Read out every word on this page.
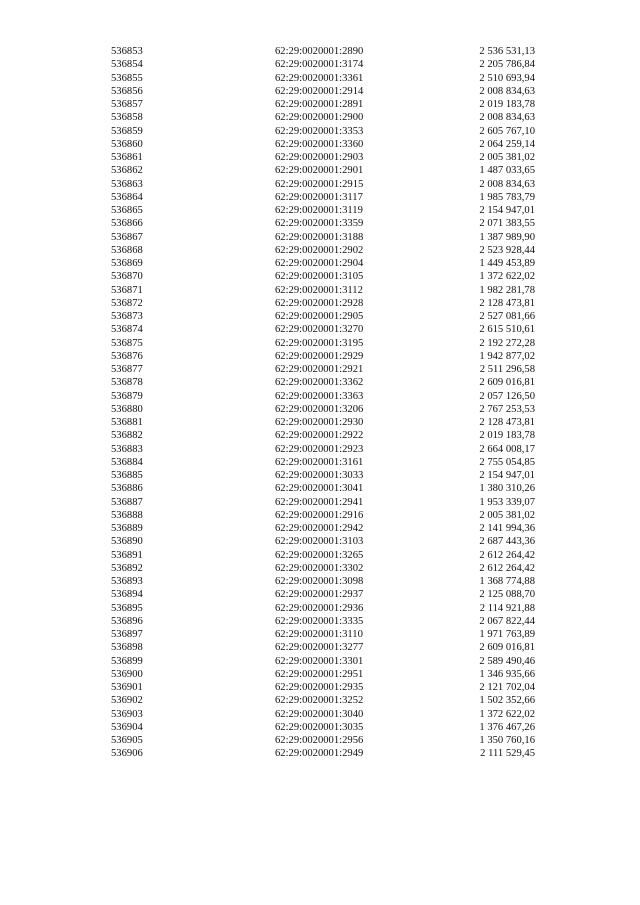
536853	62:29:0020001:2890	2 536 531,13
536854	62:29:0020001:3174	2 205 786,84
536855	62:29:0020001:3361	2 510 693,94
536856	62:29:0020001:2914	2 008 834,63
536857	62:29:0020001:2891	2 019 183,78
536858	62:29:0020001:2900	2 008 834,63
536859	62:29:0020001:3353	2 605 767,10
536860	62:29:0020001:3360	2 064 259,14
536861	62:29:0020001:2903	2 005 381,02
536862	62:29:0020001:2901	1 487 033,65
536863	62:29:0020001:2915	2 008 834,63
536864	62:29:0020001:3117	1 985 783,79
536865	62:29:0020001:3119	2 154 947,01
536866	62:29:0020001:3359	2 071 383,55
536867	62:29:0020001:3188	1 387 989,90
536868	62:29:0020001:2902	2 523 928,44
536869	62:29:0020001:2904	1 449 453,89
536870	62:29:0020001:3105	1 372 622,02
536871	62:29:0020001:3112	1 982 281,78
536872	62:29:0020001:2928	2 128 473,81
536873	62:29:0020001:2905	2 527 081,66
536874	62:29:0020001:3270	2 615 510,61
536875	62:29:0020001:3195	2 192 272,28
536876	62:29:0020001:2929	1 942 877,02
536877	62:29:0020001:2921	2 511 296,58
536878	62:29:0020001:3362	2 609 016,81
536879	62:29:0020001:3363	2 057 126,50
536880	62:29:0020001:3206	2 767 253,53
536881	62:29:0020001:2930	2 128 473,81
536882	62:29:0020001:2922	2 019 183,78
536883	62:29:0020001:2923	2 664 008,17
536884	62:29:0020001:3161	2 755 054,85
536885	62:29:0020001:3033	2 154 947,01
536886	62:29:0020001:3041	1 380 310,26
536887	62:29:0020001:2941	1 953 339,07
536888	62:29:0020001:2916	2 005 381,02
536889	62:29:0020001:2942	2 141 994,36
536890	62:29:0020001:3103	2 687 443,36
536891	62:29:0020001:3265	2 612 264,42
536892	62:29:0020001:3302	2 612 264,42
536893	62:29:0020001:3098	1 368 774,88
536894	62:29:0020001:2937	2 125 088,70
536895	62:29:0020001:2936	2 114 921,88
536896	62:29:0020001:3335	2 067 822,44
536897	62:29:0020001:3110	1 971 763,89
536898	62:29:0020001:3277	2 609 016,81
536899	62:29:0020001:3301	2 589 490,46
536900	62:29:0020001:2951	1 346 935,66
536901	62:29:0020001:2935	2 121 702,04
536902	62:29:0020001:3252	1 502 352,66
536903	62:29:0020001:3040	1 372 622,02
536904	62:29:0020001:3035	1 376 467,26
536905	62:29:0020001:2956	1 350 760,16
536906	62:29:0020001:2949	2 111 529,45
